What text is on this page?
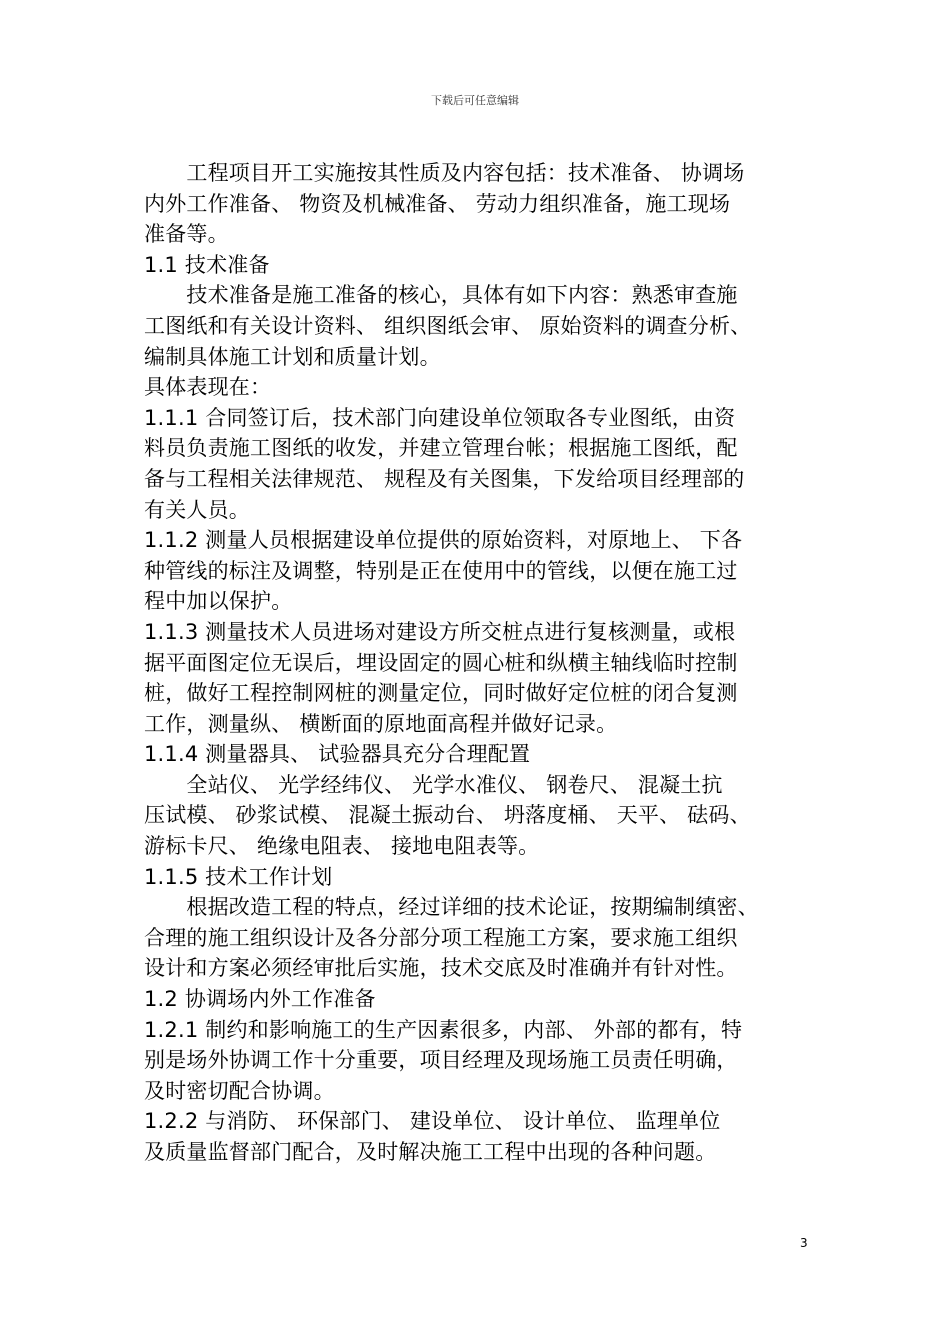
下载后可任意编辑
　　工程项目开工实施按其性质及内容包括：技术准备、 协调场
内外工作准备、 物资及机械准备、 劳动力组织准备，施工现场
准备等。
1.1 技术准备
　　技术准备是施工准备的核心，具体有如下内容：熟悉审查施
工图纸和有关设计资料、 组织图纸会审、 原始资料的调查分析、
编制具体施工计划和质量计划。
具体表现在：
1.1.1 合同签订后，技术部门向建设单位领取各专业图纸，由资
料员负责施工图纸的收发，并建立管理台帐；根据施工图纸，配
备与工程相关法律规范、 规程及有关图集，下发给项目经理部的
有关人员。
1.1.2 测量人员根据建设单位提供的原始资料，对原地上、 下各
种管线的标注及调整，特别是正在使用中的管线，以便在施工过
程中加以保护。
1.1.3 测量技术人员进场对建设方所交桩点进行复核测量，或根
据平面图定位无误后，埋设固定的圆心桩和纵横主轴线临时控制
桩，做好工程控制网桩的测量定位，同时做好定位桩的闭合复测
工作，测量纵、 横断面的原地面高程并做好记录。
1.1.4 测量器具、 试验器具充分合理配置
　　全站仪、 光学经纬仪、 光学水准仪、 钢卷尺、 混凝土抗
压试模、 砂浆试模、 混凝土振动台、 坍落度桶、 天平、 砝码、
游标卡尺、 绝缘电阻表、 接地电阻表等。
1.1.5 技术工作计划
　　根据改造工程的特点，经过详细的技术论证，按期编制缜密、
合理的施工组织设计及各分部分项工程施工方案，要求施工组织
设计和方案必须经审批后实施，技术交底及时准确并有针对性。
1.2 协调场内外工作准备
1.2.1 制约和影响施工的生产因素很多，内部、 外部的都有，特
别是场外协调工作十分重要，项目经理及现场施工员责任明确，
及时密切配合协调。
1.2.2 与消防、 环保部门、 建设单位、 设计单位、 监理单位
及质量监督部门配合，及时解决施工工程中出现的各种问题。
3
